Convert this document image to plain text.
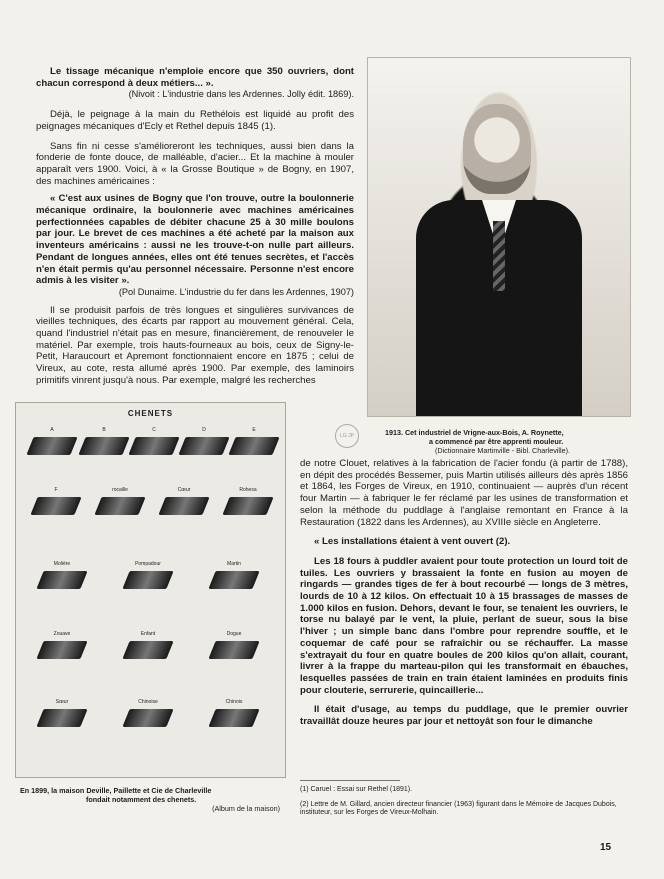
Le tissage mécanique n'emploie encore que 350 ouvriers, dont chacun correspond à deux métiers... ».

(Nivoit : L'industrie dans les Ardennes. Jolly édit. 1869).

Déjà, le peignage à la main du Rethélois est liquidé au profit des peignages mécaniques d'Ecly et Rethel depuis 1845 (1).

Sans fin ni cesse s'amélioreront les techniques, aussi bien dans la fonderie de fonte douce, de malléable, d'acier... Et la machine à mouler apparaît vers 1900. Voici, à « la Grosse Boutique » de Bogny, en 1907, des machines américaines :

« C'est aux usines de Bogny que l'on trouve, outre la boulonnerie mécanique ordinaire, la boulonnerie avec machines américaines perfectionnées capables de débiter chacune 25 à 30 mille boulons par jour. Le brevet de ces machines a été acheté par la maison aux inventeurs américains : aussi ne les trouve-t-on nulle part ailleurs. Pendant de longues années, elles ont été tenues secrètes, et l'accès n'en était permis qu'au personnel nécessaire. Personne n'est encore admis à les visiter ».

(Pol Dunaime. L'industrie du fer dans les Ardennes, 1907)

Il se produisit parfois de très longues et singulières survivances de vieilles techniques, des écarts par rapport au mouvement général. Cela, quand l'industriel n'était pas en mesure, financièrement, de renouveler le matériel. Par exemple, trois hauts-fourneaux au bois, ceux de Signy-le-Petit, Haraucourt et Apremont fonctionnaient encore en 1875 ; celui de Vireux, au cote, resta allumé après 1900. Par exemple, des laminoirs primitifs vinrent jusqu'à nous. Par exemple, malgré les recherches

1913. Cet industriel de Vrigne-aux-Bois, A. Roynette,
a commencé par être apprenti mouleur.
(Dictionnaire Martinville - Bibl. Charleville).
LG JP
CHENETS
A	B	C	D	E
F	rocaille	Cœur	Rohesa
Molière	Pompadour	Martin
Zouave	Enfant	Dogue
Sœur	Chinoise	Chinois
En 1899, la maison Deville, Paillette et Cie de Charleville
fondait notamment des chenets.
(Album de la maison)

de notre Clouet, relatives à la fabrication de l'acier fondu (à partir de 1788), en dépit des procédés Bessemer, puis Martin utilisés ailleurs dès après 1856 et 1864, les Forges de Vireux, en 1910, continuaient — auprès d'un récent four Martin — à fabriquer le fer réclamé par les usines de transformation et selon la méthode du puddlage à l'anglaise remontant en France à la Restauration (1822 dans les Ardennes), au XVIIIe siècle en Angleterre.

« Les installations étaient à vent ouvert (2).

Les 18 fours à puddler avaient pour toute protection un lourd toit de tuiles. Les ouvriers y brassaient la fonte en fusion au moyen de ringards — grandes tiges de fer à bout recourbé — longs de 3 mètres, lourds de 10 à 12 kilos. On effectuait 10 à 15 brassages de masses de 1.000 kilos en fusion. Dehors, devant le four, se tenaient les ouvriers, le torse nu balayé par le vent, la pluie, perlant de sueur, sous la bise l'hiver ; un simple banc dans l'ombre pour reprendre souffle, et le coquemar de café pour se rafraîchir ou se réchauffer. La masse s'extrayait du four en quatre boules de 200 kilos qu'on allait, courant, livrer à la frappe du marteau-pilon qui les transformait en ébauches, lesquelles passées de train en train étaient laminées en produits finis pour clouterie, serrurerie, quincaillerie...

Il était d'usage, au temps du puddlage, que le premier ouvrier travaillât douze heures par jour et nettoyât son four le dimanche

(1) Caruel : Essai sur Rethel (1891).

(2) Lettre de M. Gillard, ancien directeur financier (1963) figurant dans le Mémoire de Jacques Dubois, instituteur, sur les Forges de Vireux-Molhain.

15
